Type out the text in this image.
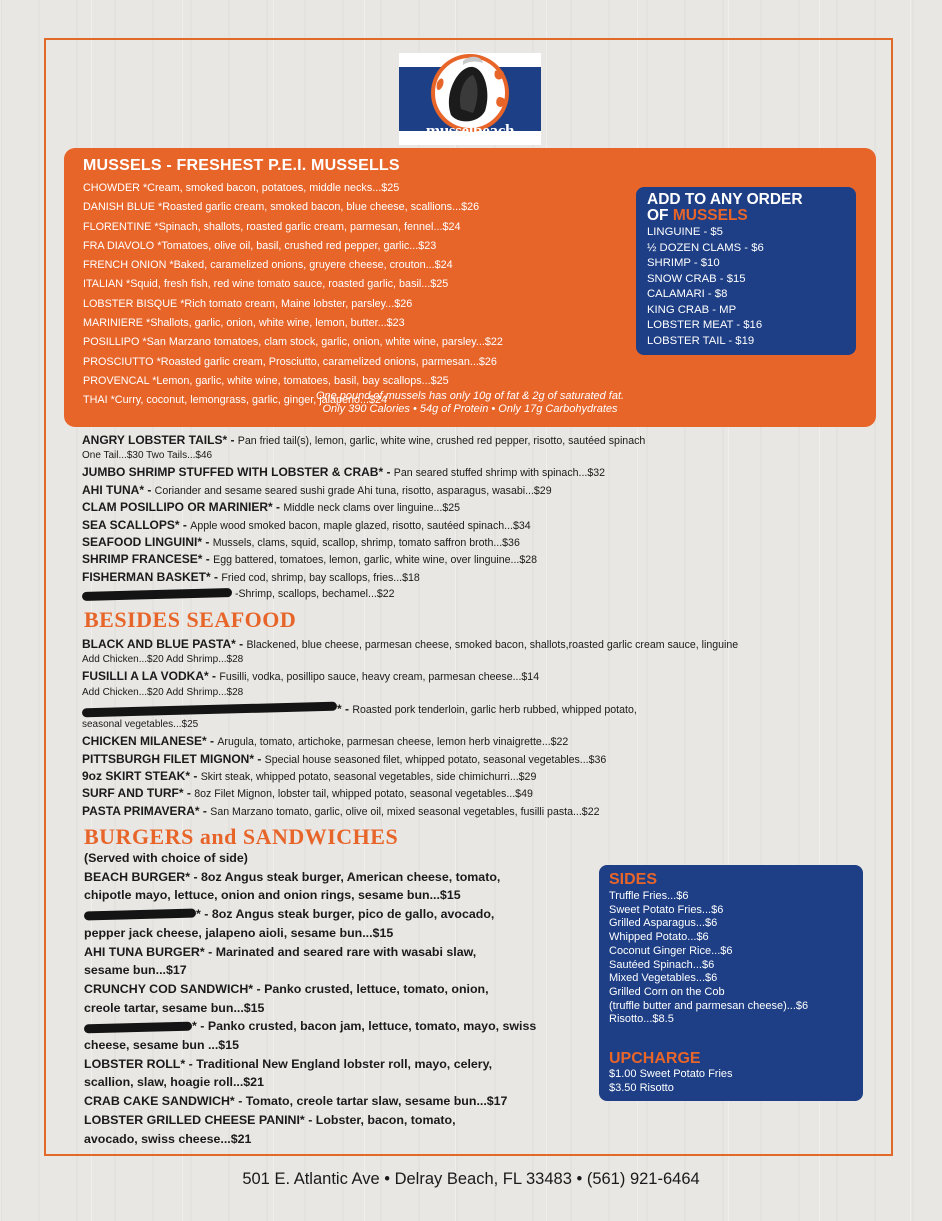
musselbeach
restaurant
MUSSELS - FRESHEST P.E.I. MUSSELLS
CHOWDER *Cream, smoked bacon, potatoes, middle necks...$25
DANISH BLUE *Roasted garlic cream, smoked bacon, blue cheese, scallions...$26
FLORENTINE *Spinach, shallots, roasted garlic cream, parmesan, fennel...$24
FRA DIAVOLO *Tomatoes, olive oil, basil, crushed red pepper, garlic...$23
FRENCH ONION *Baked, caramelized onions, gruyere cheese, crouton...$24
ITALIAN *Squid, fresh fish, red wine tomato sauce, roasted garlic, basil...$25
LOBSTER BISQUE *Rich tomato cream, Maine lobster, parsley...$26
MARINIERE *Shallots, garlic, onion, white wine, lemon, butter...$23
POSILLIPO *San Marzano tomatoes, clam stock, garlic, onion, white wine, parsley...$22
PROSCIUTTO *Roasted garlic cream, Prosciutto, caramelized onions, parmesan...$26
PROVENCAL *Lemon, garlic, white wine, tomatoes, basil, bay scallops...$25
THAI *Curry, coconut, lemongrass, garlic, ginger, jalapeno...$24
One pound of mussels has only 10g of fat & 2g of saturated fat.
Only 390 Calories • 54g of Protein • Only 17g Carbohydrates
ADD TO ANY ORDER
OF MUSSELS
LINGUINE - $5
½ DOZEN CLAMS - $6
SHRIMP - $10
SNOW CRAB - $15
CALAMARI - $8
KING CRAB - MP
LOBSTER MEAT - $16
LOBSTER TAIL - $19
ANGRY LOBSTER TAILS* - Pan fried tail(s), lemon, garlic, white wine, crushed red pepper, risotto, sautéed spinach
One Tail...$30 Two Tails...$46
JUMBO SHRIMP STUFFED WITH LOBSTER & CRAB* - Pan seared stuffed shrimp with spinach...$32
AHI TUNA* - Coriander and sesame seared sushi grade Ahi tuna, risotto, asparagus, wasabi...$29
CLAM POSILLIPO OR MARINIER* - Middle neck clams over linguine...$25
SEA SCALLOPS* - Apple wood smoked bacon, maple glazed, risotto, sautéed spinach...$34
SEAFOOD LINGUINI* - Mussels, clams, squid, scallop, shrimp, tomato saffron broth...$36
SHRIMP FRANCESE* - Egg battered, tomatoes, lemon, garlic, white wine, over linguine...$28
FISHERMAN BASKET* - Fried cod, shrimp, bay scallops, fries...$18
-Shrimp, scallops, bechamel...$22
BESIDES SEAFOOD
BLACK AND BLUE PASTA* - Blackened, blue cheese, parmesan cheese, smoked bacon, shallots,roasted garlic cream sauce, linguine
Add Chicken...$20 Add Shrimp...$28
FUSILLI A LA VODKA* - Fusilli, vodka, posillipo sauce, heavy cream, parmesan cheese...$14
Add Chicken...$20 Add Shrimp...$28
* - Roasted pork tenderloin, garlic herb rubbed, whipped potato,
seasonal vegetables...$25
CHICKEN MILANESE* - Arugula, tomato, artichoke, parmesan cheese, lemon herb vinaigrette...$22
PITTSBURGH FILET MIGNON* - Special house seasoned filet, whipped potato, seasonal vegetables...$36
9oz SKIRT STEAK* - Skirt steak, whipped potato, seasonal vegetables, side chimichurri...$29
SURF AND TURF* - 8oz Filet Mignon, lobster tail, whipped potato, seasonal vegetables...$49
PASTA PRIMAVERA* - San Marzano tomato, garlic, olive oil, mixed seasonal vegetables, fusilli pasta...$22
BURGERS and SANDWICHES
(Served with choice of side)
BEACH BURGER* - 8oz Angus steak burger, American cheese, tomato,
chipotle mayo, lettuce, onion and onion rings, sesame bun...$15
* - 8oz Angus steak burger, pico de gallo, avocado,
pepper jack cheese, jalapeno aioli, sesame bun...$15
AHI TUNA BURGER* - Marinated and seared rare with wasabi slaw,
sesame bun...$17
CRUNCHY COD SANDWICH* - Panko crusted, lettuce, tomato, onion,
creole tartar, sesame bun...$15
* - Panko crusted, bacon jam, lettuce, tomato, mayo, swiss
cheese, sesame bun ...$15
LOBSTER ROLL* - Traditional New England lobster roll, mayo, celery,
scallion, slaw, hoagie roll...$21
CRAB CAKE SANDWICH* - Tomato, creole tartar slaw, sesame bun...$17
LOBSTER GRILLED CHEESE PANINI* - Lobster, bacon, tomato,
avocado, swiss cheese...$21
SIDES
Truffle Fries...$6
Sweet Potato Fries...$6
Grilled Asparagus...$6
Whipped Potato...$6
Coconut Ginger Rice...$6
Sautéed Spinach...$6
Mixed Vegetables...$6
Grilled Corn on the Cob
(truffle butter and parmesan cheese)...$6
Risotto...$8.5
UPCHARGE
$1.00 Sweet Potato Fries
$3.50 Risotto
501 E. Atlantic Ave • Delray Beach, FL 33483 • (561) 921-6464
